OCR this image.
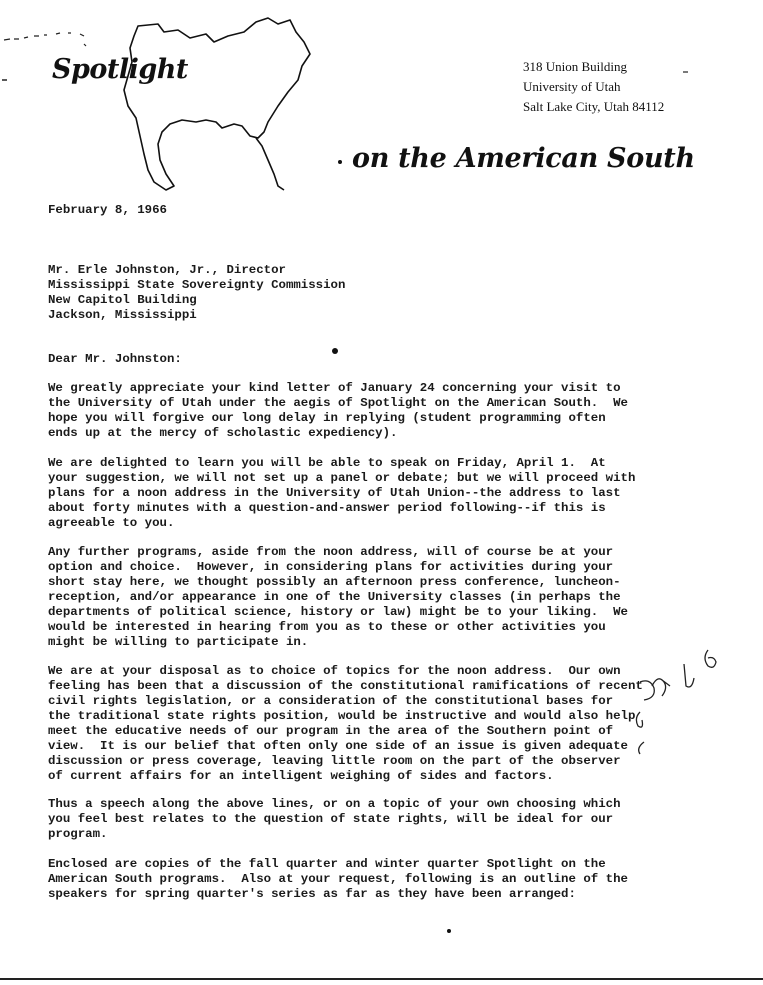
Spotlight
on the American South
318 Union Building
University of Utah
Salt Lake City, Utah 84112
February 8, 1966
Mr. Erle Johnston, Jr., Director
Mississippi State Sovereignty Commission
New Capitol Building
Jackson, Mississippi
Dear Mr. Johnston:
We greatly appreciate your kind letter of January 24 concerning your visit to
the University of Utah under the aegis of Spotlight on the American South.  We
hope you will forgive our long delay in replying (student programming often
ends up at the mercy of scholastic expediency).
We are delighted to learn you will be able to speak on Friday, April 1.  At
your suggestion, we will not set up a panel or debate; but we will proceed with
plans for a noon address in the University of Utah Union--the address to last
about forty minutes with a question-and-answer period following--if this is
agreeable to you.
Any further programs, aside from the noon address, will of course be at your
option and choice.  However, in considering plans for activities during your
short stay here, we thought possibly an afternoon press conference, luncheon-
reception, and/or appearance in one of the University classes (in perhaps the
departments of political science, history or law) might be to your liking.  We
would be interested in hearing from you as to these or other activities you
might be willing to participate in.
We are at your disposal as to choice of topics for the noon address.  Our own
feeling has been that a discussion of the constitutional ramifications of recent
civil rights legislation, or a consideration of the constitutional bases for
the traditional state rights position, would be instructive and would also help
meet the educative needs of our program in the area of the Southern point of
view.  It is our belief that often only one side of an issue is given adequate
discussion or press coverage, leaving little room on the part of the observer
of current affairs for an intelligent weighing of sides and factors.
Thus a speech along the above lines, or on a topic of your own choosing which
you feel best relates to the question of state rights, will be ideal for our
program.
Enclosed are copies of the fall quarter and winter quarter Spotlight on the
American South programs.  Also at your request, following is an outline of the
speakers for spring quarter's series as far as they have been arranged:
